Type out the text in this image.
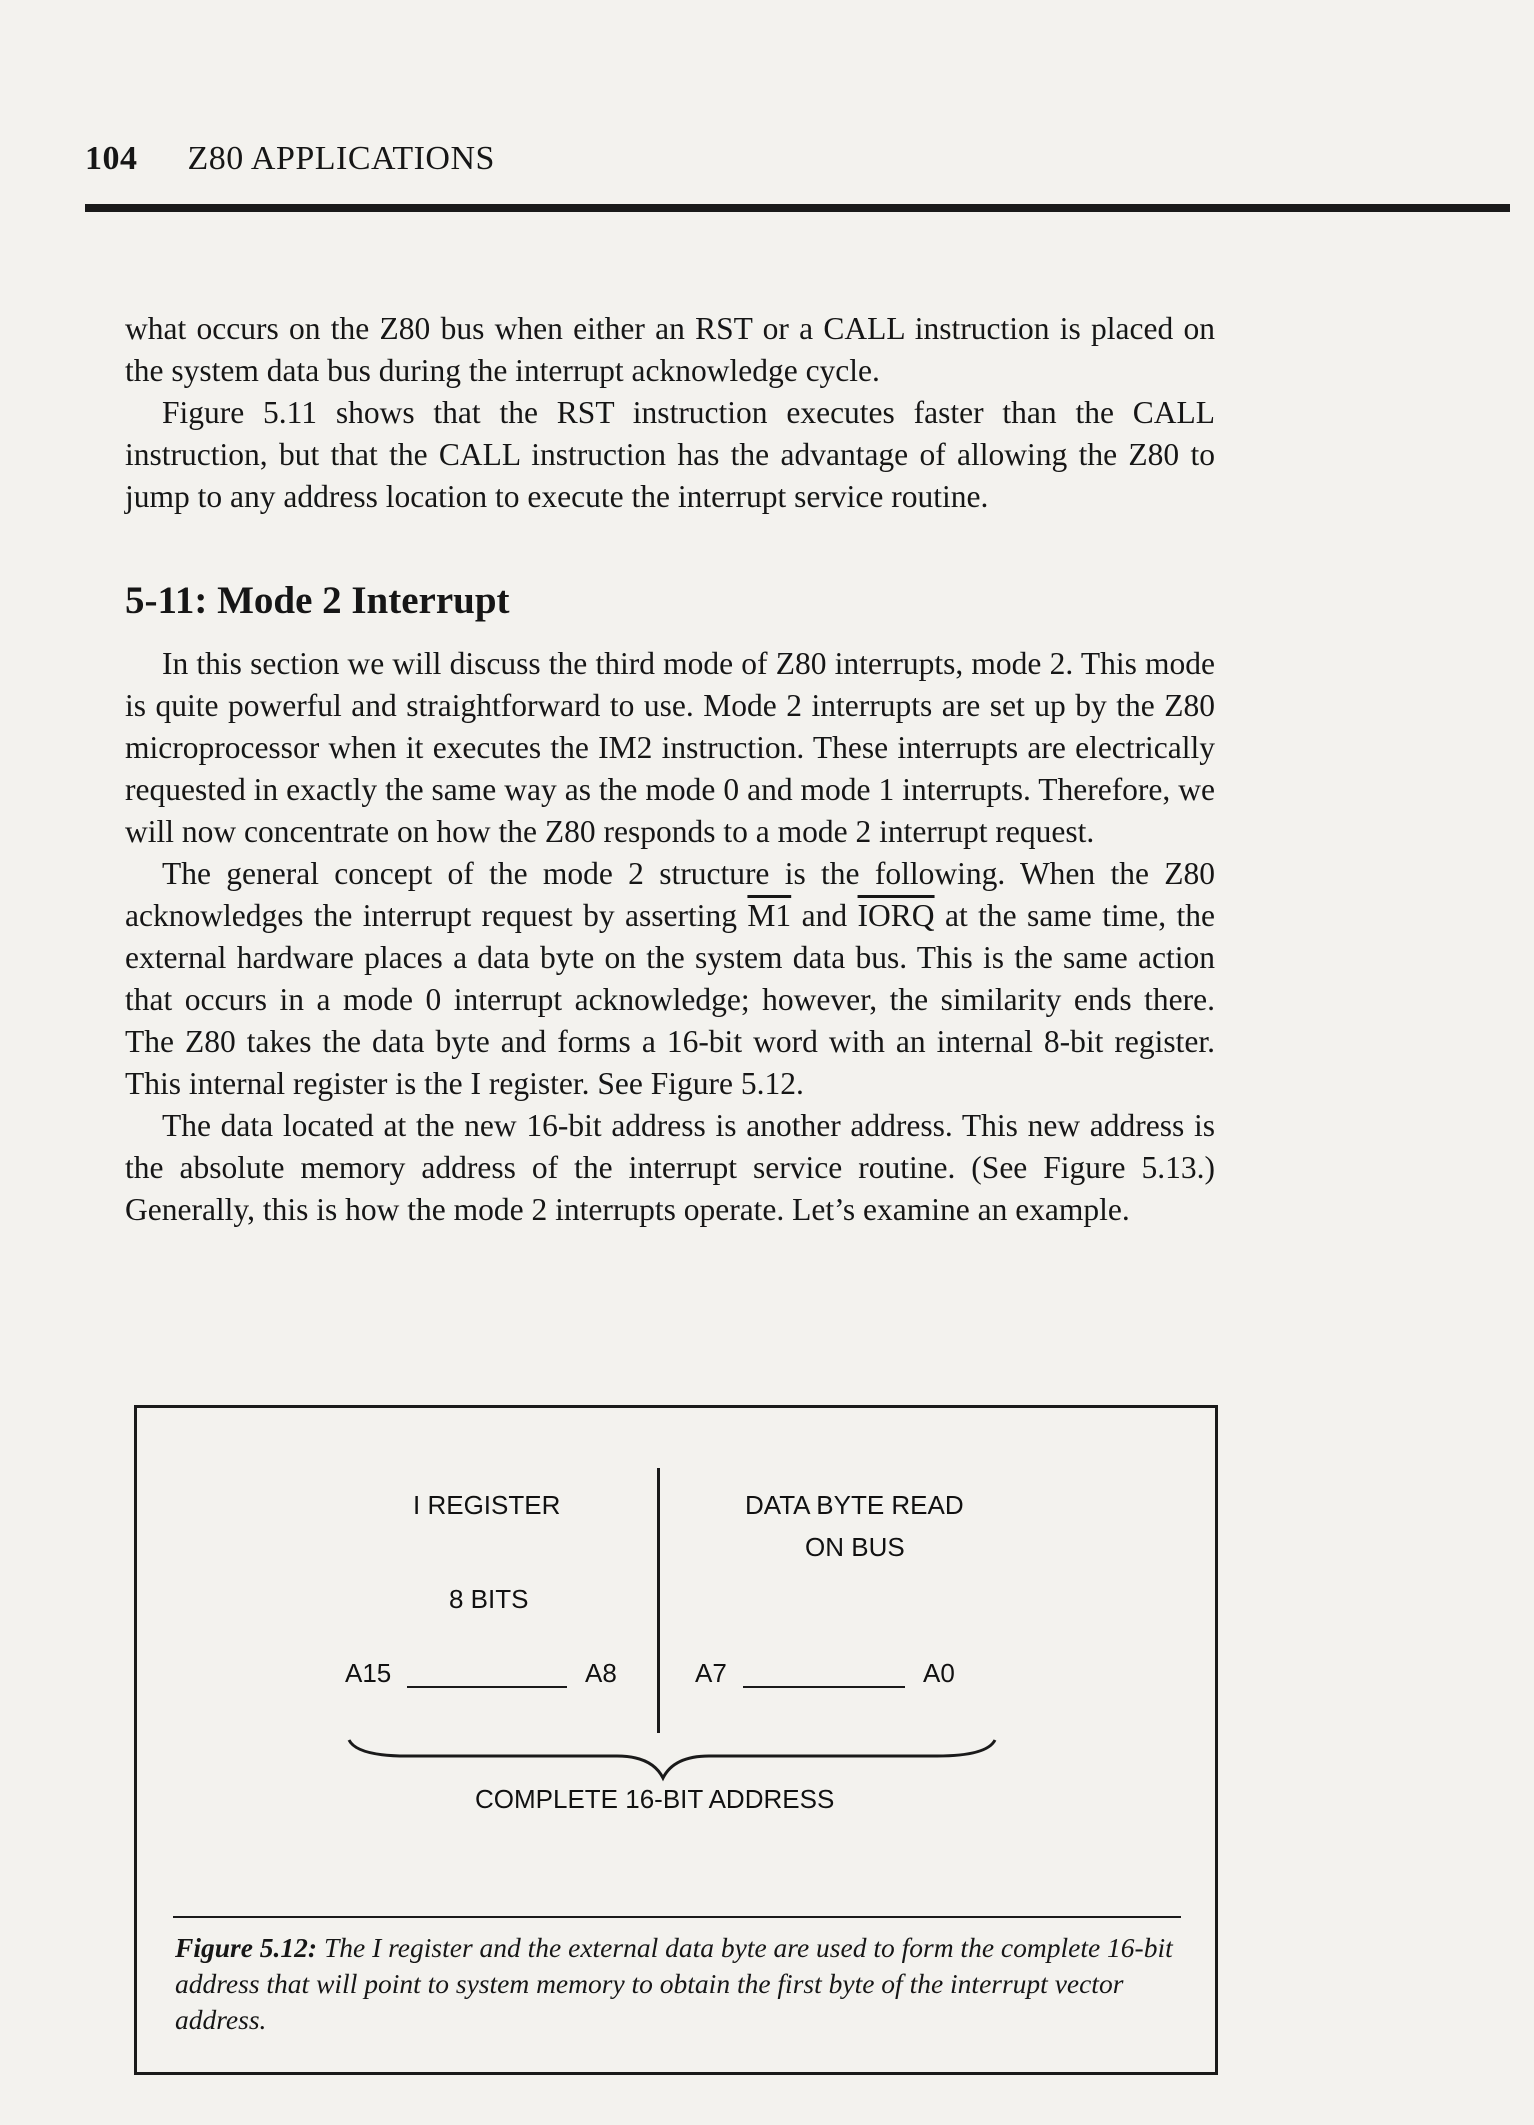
104 Z80 APPLICATIONS

what occurs on the Z80 bus when either an RST or a CALL instruction is placed on the system data bus during the interrupt acknowledge cycle.

Figure 5.11 shows that the RST instruction executes faster than the CALL instruction, but that the CALL instruction has the advantage of allowing the Z80 to jump to any address location to execute the interrupt service routine.

5-11: Mode 2 Interrupt

In this section we will discuss the third mode of Z80 interrupts, mode 2. This mode is quite powerful and straightforward to use. Mode 2 interrupts are set up by the Z80 microprocessor when it executes the IM2 instruction. These interrupts are electrically requested in exactly the same way as the mode 0 and mode 1 interrupts. Therefore, we will now concentrate on how the Z80 responds to a mode 2 interrupt request.

The general concept of the mode 2 structure is the following. When the Z80 acknowledges the interrupt request by asserting M1 and IORQ at the same time, the external hardware places a data byte on the system data bus. This is the same action that occurs in a mode 0 interrupt acknowledge; however, the similarity ends there. The Z80 takes the data byte and forms a 16-bit word with an internal 8-bit register. This internal register is the I register. See Figure 5.12.

The data located at the new 16-bit address is another address. This new address is the absolute memory address of the interrupt service routine. (See Figure 5.13.) Generally, this is how the mode 2 interrupts operate. Let’s examine an example.

I REGISTER	DATA BYTE READ
ON BUS
8 BITS
A15	A8	A7	A0
COMPLETE 16-BIT ADDRESS
Figure 5.12: The I register and the external data byte are used to form the complete 16-bit address that will point to system memory to obtain the first byte of the interrupt vector address.
